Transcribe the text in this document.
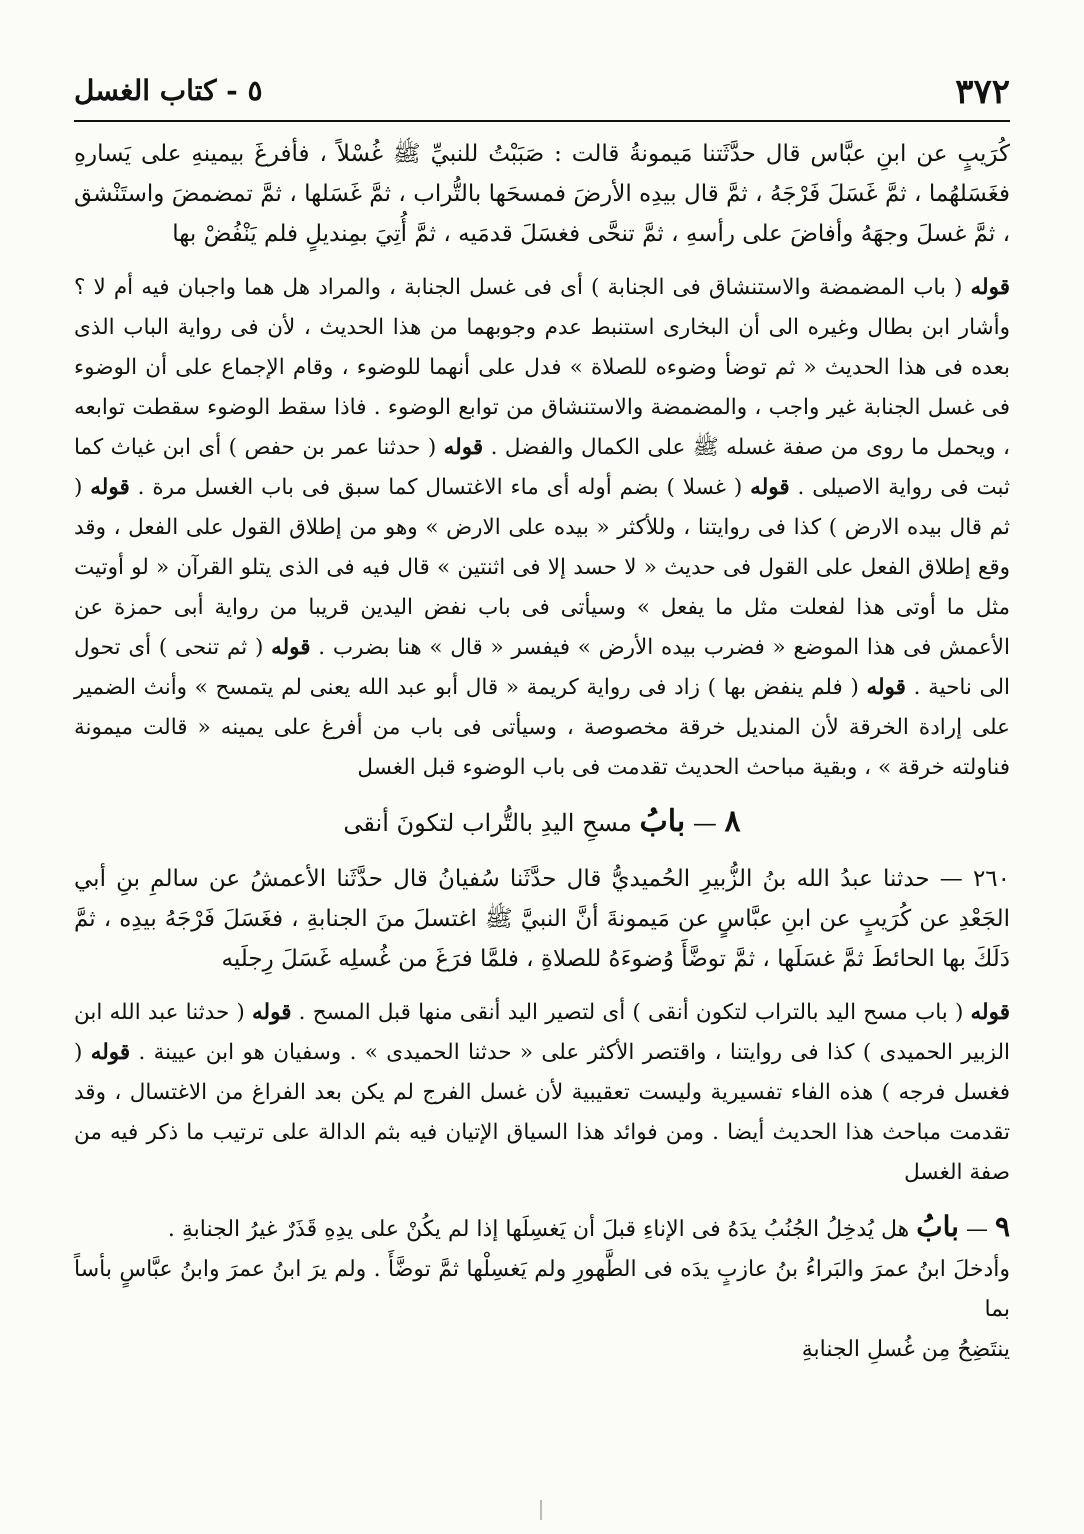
٣٧٢
٥ - كتاب الغسل

كُرَيبٍ عن ابنِ عبَّاس قال حدَّثَتنا مَيمونةُ قالت : صَبَبْتُ للنبيِّ ﷺ غُسْلاً ، فأفرغَ بيمينهِ على يَسارهِ فغَسَلهُما ، ثمَّ غَسَلَ فَرْجَهُ ، ثمَّ قال بيدِه الأرضَ فمسحَها بالتُّراب ، ثمَّ غَسَلها ، ثمَّ تمضمضَ واستَنْشق ، ثمَّ غسلَ وجهَهُ وأفاضَ على رأسهِ ، ثمَّ تنحَّى فغسَلَ قدمَيه ، ثمَّ أُتِيَ بمِنديلٍ فلم يَنْفُضْ بها

قوله ( باب المضمضة والاستنشاق فى الجنابة ) أى فى غسل الجنابة ، والمراد هل هما واجبان فيه أم لا ؟ وأشار ابن بطال وغيره الى أن البخارى استنبط عدم وجوبهما من هذا الحديث ، لأن فى رواية الباب الذى بعده فى هذا الحديث « ثم توضأ وضوءه للصلاة » فدل على أنهما للوضوء ، وقام الإجماع على أن الوضوء فى غسل الجنابة غير واجب ، والمضمضة والاستنشاق من توابع الوضوء . فاذا سقط الوضوء سقطت توابعه ، ويحمل ما روى من صفة غسله ﷺ على الكمال والفضل . قوله ( حدثنا عمر بن حفص ) أى ابن غياث كما ثبت فى رواية الاصيلى . قوله ( غسلا ) بضم أوله أى ماء الاغتسال كما سبق فى باب الغسل مرة . قوله ( ثم قال بيده الارض ) كذا فى روايتنا ، وللأكثر « بيده على الارض » وهو من إطلاق القول على الفعل ، وقد وقع إطلاق الفعل على القول فى حديث « لا حسد إلا فى اثنتين » قال فيه فى الذى يتلو القرآن « لو أوتيت مثل ما أوتى هذا لفعلت مثل ما يفعل » وسيأتى فى باب نفض اليدين قريبا من رواية أبى حمزة عن الأعمش فى هذا الموضع « فضرب بيده الأرض » فيفسر « قال » هنا بضرب . قوله ( ثم تنحى ) أى تحول الى ناحية . قوله ( فلم ينفض بها ) زاد فى رواية كريمة « قال أبو عبد الله يعنى لم يتمسح » وأنث الضمير على إرادة الخرقة لأن المنديل خرقة مخصوصة ، وسيأتى فى باب من أفرغ على يمينه « قالت ميمونة فناولته خرقة » ، وبقية مباحث الحديث تقدمت فى باب الوضوء قبل الغسل

٨ — بابُ مسحِ اليدِ بالتُّراب لتكونَ أنقى

٢٦٠ — حدثنا عبدُ الله بنُ الزُّبيرِ الحُميديُّ قال حدَّثَنا سُفيانُ قال حدَّثَنا الأعمشُ عن سالمِ بنِ أبي الجَعْدِ عن كُرَيبٍ عن ابنِ عبَّاسٍ عن مَيمونةَ أنَّ النبيَّ ﷺ اغتسلَ منَ الجنابةِ ، فغَسَلَ فَرْجَهُ بيدِه ، ثمَّ دَلَكَ بها الحائطَ ثمَّ غسَلَها ، ثمَّ توضَّأَ وُضوءَهُ للصلاةِ ، فلمَّا فرَغَ من غُسلِه غَسَلَ رِجلَيه

قوله ( باب مسح اليد بالتراب لتكون أنقى ) أى لتصير اليد أنقى منها قبل المسح . قوله ( حدثنا عبد الله ابن الزبير الحميدى ) كذا فى روايتنا ، واقتصر الأكثر على « حدثنا الحميدى » . وسفيان هو ابن عيينة . قوله ( فغسل فرجه ) هذه الفاء تفسيرية وليست تعقيبية لأن غسل الفرج لم يكن بعد الفراغ من الاغتسال ، وقد تقدمت مباحث هذا الحديث أيضا . ومن فوائد هذا السياق الإتيان فيه بثم الدالة على ترتيب ما ذكر فيه من صفة الغسل

٩ — بابُ هل يُدخِلُ الجُنُبُ يدَهُ فى الإناءِ قبلَ أن يَغسِلَها إذا لم يكُنْ على يدِهِ قَذَرٌ غيرُ الجنابةِ .

وأدخلَ ابنُ عمرَ والبَراءُ بنُ عازبٍ يدَه فى الطَّهورِ ولم يَغسِلْها ثمَّ توضَّأَ . ولم يرَ ابنُ عمرَ وابنُ عبَّاسٍ بأساً بما

ينتَضِحُ مِن غُسلِ الجنابةِ
